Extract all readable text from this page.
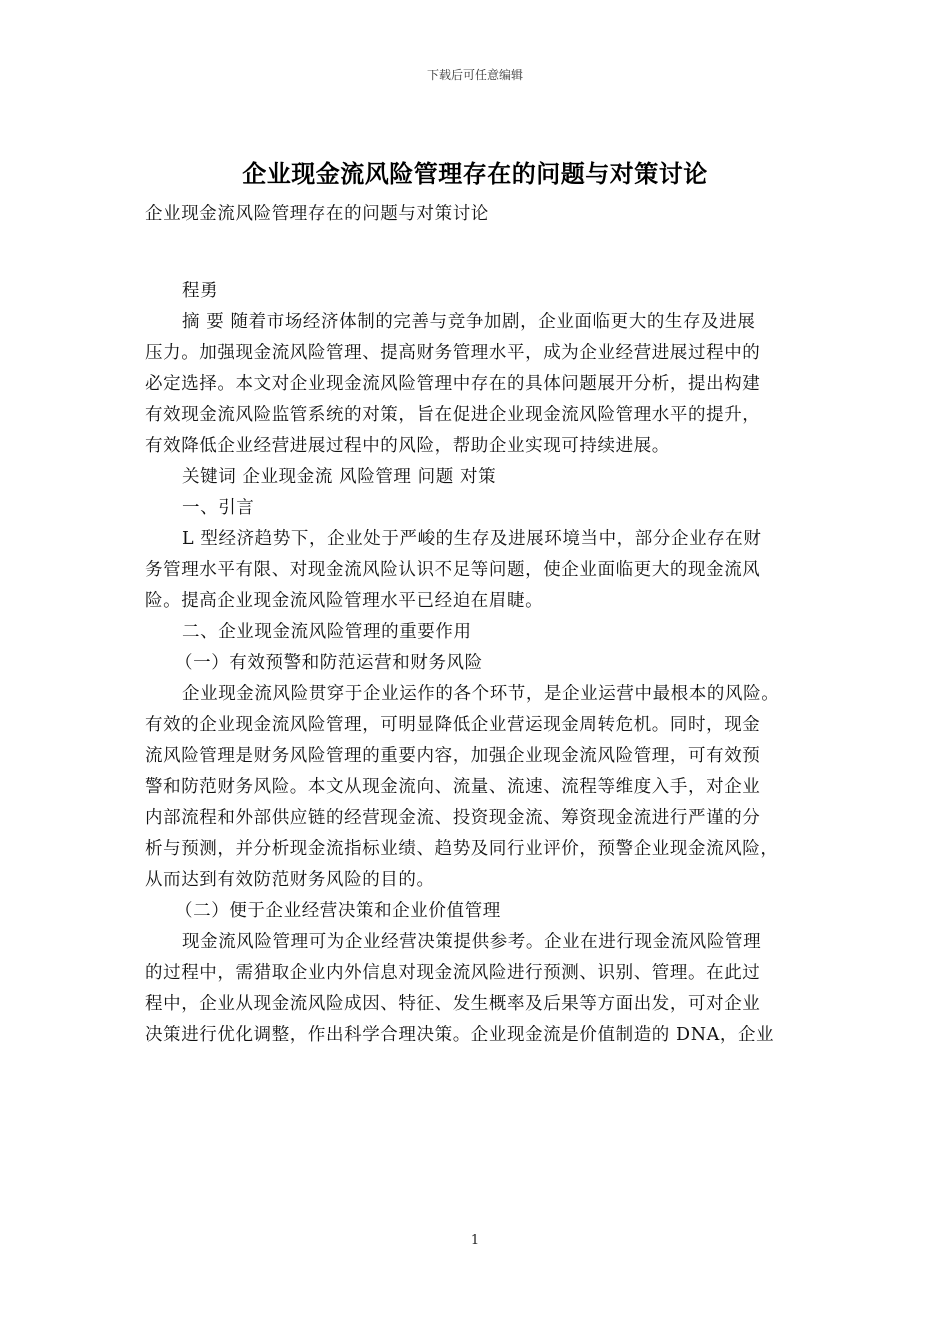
下载后可任意编辑
企业现金流风险管理存在的问题与对策讨论
企业现金流风险管理存在的问题与对策讨论
程勇
摘 要 随着市场经济体制的完善与竞争加剧，企业面临更大的生存及进展
压力。加强现金流风险管理、提高财务管理水平，成为企业经营进展过程中的
必定选择。本文对企业现金流风险管理中存在的具体问题展开分析，提出构建
有效现金流风险监管系统的对策，旨在促进企业现金流风险管理水平的提升，
有效降低企业经营进展过程中的风险，帮助企业实现可持续进展。
关键词 企业现金流 风险管理 问题 对策
一、引言
L 型经济趋势下，企业处于严峻的生存及进展环境当中，部分企业存在财
务管理水平有限、对现金流风险认识不足等问题，使企业面临更大的现金流风
险。提高企业现金流风险管理水平已经迫在眉睫。
二、企业现金流风险管理的重要作用
（一）有效预警和防范运营和财务风险
企业现金流风险贯穿于企业运作的各个环节，是企业运营中最根本的风险。
有效的企业现金流风险管理，可明显降低企业营运现金周转危机。同时，现金
流风险管理是财务风险管理的重要内容，加强企业现金流风险管理，可有效预
警和防范财务风险。本文从现金流向、流量、流速、流程等维度入手，对企业
内部流程和外部供应链的经营现金流、投资现金流、筹资现金流进行严谨的分
析与预测，并分析现金流指标业绩、趋势及同行业评价，预警企业现金流风险，
从而达到有效防范财务风险的目的。
（二）便于企业经营决策和企业价值管理
现金流风险管理可为企业经营决策提供参考。企业在进行现金流风险管理
的过程中，需猎取企业内外信息对现金流风险进行预测、识别、管理。在此过
程中，企业从现金流风险成因、特征、发生概率及后果等方面出发，可对企业
决策进行优化调整，作出科学合理决策。企业现金流是价值制造的 DNA，企业
1
